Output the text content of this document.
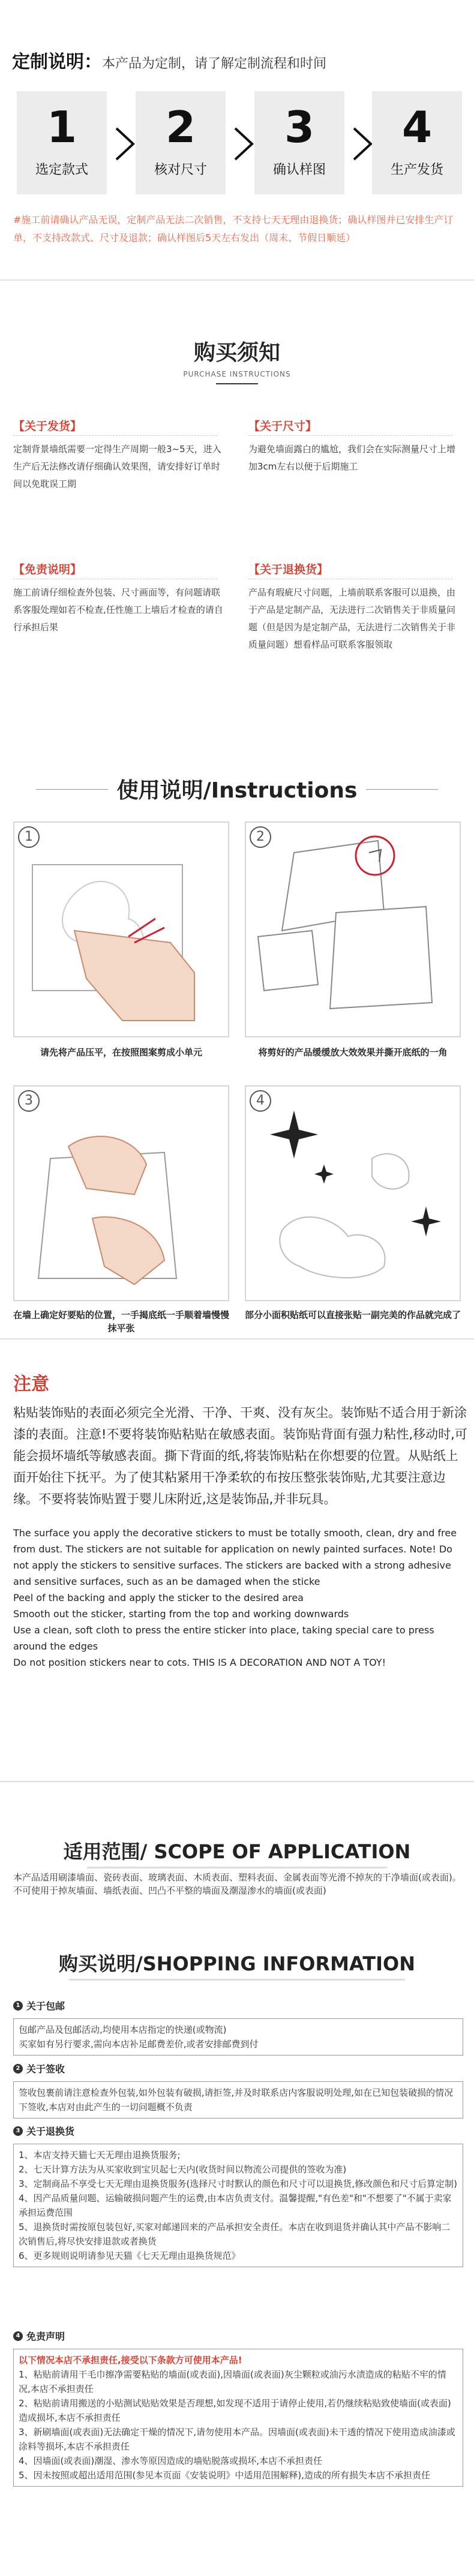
定制说明：本产品为定制，请了解定制流程和时间
1
选定款式
2
核对尺寸
3
确认样图
4
生产发货
#施工前请确认产品无误，定制产品无法二次销售，不支持七天无理由退换货；确认样图并已安排生产订单，不支持改款式、尺寸及退款；确认样图后5天左右发出（周末、节假日顺延）
购买须知
PURCHASE INSTRUCTIONS
【关于发货】
定制背景墙纸需要一定得生产周期一般3~5天，进入生产后无法修改请仔细确认效果图，请安排好订单时间以免耽误工期
【关于尺寸】
为避免墙面露白的尴尬，我们会在实际测量尺寸上增加3cm左右以便于后期施工
【免责说明】
施工前请仔细检查外包装、尺寸画面等，有问题请联系客服处理如若不检查,任性施工上墙后才检查的请自行承担后果
【关于退换货】
产品有瑕疵尺寸问题，上墙前联系客服可以退换，由于产品是定制产品，无法进行二次销售关于非质量问题（但是因为是定制产品，无法进行二次销售关于非质量问题）想看样品可联系客服领取
使用说明/Instructions
1
请先将产品压平，在按照图案剪成小单元
2
将剪好的产品缓缓放大效效果并撕开底纸的一角
3
在墙上确定好要贴的位置，一手揭底纸一手顺着墙慢慢抹平张
4
部分小面积贴纸可以直接张贴一副完美的作品就完成了
注意
粘贴装饰贴的表面必须完全光滑、干净、干爽、没有灰尘。装饰贴不适合用于新涂漆的表面。注意!不要将装饰贴粘贴在敏感表面。装饰贴背面有强力粘性,移动时,可能会损坏墙纸等敏感表面。撕下背面的纸,将装饰贴粘在你想要的位置。从贴纸上面开始往下抚平。为了使其粘紧用干净柔软的布按压整张装饰贴,尤其要注意边缘。不要将装饰贴置于婴儿床附近,这是装饰品,并非玩具。
The surface you apply the decorative stickers to must be totally smooth, clean, dry and free from dust. The stickers are not suitable for application on newly painted surfaces. Note! Do not apply the stickers to sensitive surfaces. The stickers are backed with a strong adhesive and sensitive surfaces, such as an be damaged when the sticke
Peel of the backing and apply the sticker to the desired area
Smooth out the sticker, starting from the top and working downwards
Use a clean, soft cloth to press the entire sticker into place, taking special care to press around the edges
Do not position stickers near to cots. THIS IS A DECORATION AND NOT A TOY!
适用范围/ SCOPE OF APPLICATION
本产品适用刷漆墙面、瓷砖表面、玻璃表面、木质表面、塑料表面、金属表面等光滑不掉灰的干净墙面(或表面)。
不可使用于掉灰墙面、墙纸表面、凹凸不平整的墙面及潮湿渗水的墙面(或表面)
购买说明/SHOPPING INFORMATION
1 关于包邮
包邮产品及包邮活动,均使用本店指定的快递(或物流)
买家如有另行要求,需向本店补足邮费差价,或者安排邮费到付
2 关于签收
签收包裹前请注意检查外包装,如外包装有破损,请拒签,并及时联系店内客服说明处理,如在已知包装破损的情况下签收,本店对由此产生的一切问题概不负责
3 关于退换货
1、本店支持天猫七天无理由退换货服务;
2、七天计算方法为从买家收到宝贝起七天内(收货时间以物流公司提供的签收为准)
3、定制商品不享受七天无理由退换货服务(选择尺寸时默认的颜色和尺寸可以退换货,修改颜色和尺寸后算定制)
4、因产品质量问题、运输破损问题产生的运费,由本店负责支付。温馨提醒,"有色差"和"不想要了"不属于卖家承担运费范围
5、退换货时需按原包装包好,买家对邮递回来的产品承担安全责任。本店在收到退货并确认其中产品不影响二次销售后,将尽快安排退款或者换货
6、更多规则说明请参见天猫《七天无理由退换货规范》
4 免责声明
以下情况本店不承担责任,接受以下条款方可使用本产品!
1、粘贴前请用干毛巾擦净需要粘贴的墙面(或表面),因墙面(或表面)灰尘颗粒或油污水渍造成的粘贴不牢的情况,本店不承担责任
2、粘贴前请用搬送的小贴测试贴贴效果是否理想,如发现不适用于请停止使用,若仍继续粘贴致使墙面(或表面)造成损坏,本店不承担责任
3、新刷墙面(或表面)无法确定干燥的情况下,请勿使用本产品。因墙面(或表面)未干透的情况下使用造成油漆或涂料等损坏,本店不承担责任
4、因墙面(或表面)潮湿、渗水等原因造成的墙贴脱落或损坏,本店不承担责任
5、因未按照或超出适用范围(参见本页面《安装说明》中适用范围解释),造成的所有损失本店不承担责任
